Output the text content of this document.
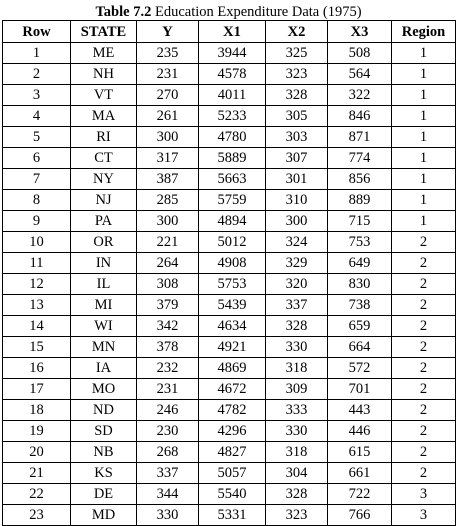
Table 7.2 Education Expenditure Data (1975)
Row	STATE	Y	X1	X2	X3	Region
1	ME	235	3944	325	508	1
2	NH	231	4578	323	564	1
3	VT	270	4011	328	322	1
4	MA	261	5233	305	846	1
5	RI	300	4780	303	871	1
6	CT	317	5889	307	774	1
7	NY	387	5663	301	856	1
8	NJ	285	5759	310	889	1
9	PA	300	4894	300	715	1
10	OR	221	5012	324	753	2
11	IN	264	4908	329	649	2
12	IL	308	5753	320	830	2
13	MI	379	5439	337	738	2
14	WI	342	4634	328	659	2
15	MN	378	4921	330	664	2
16	IA	232	4869	318	572	2
17	MO	231	4672	309	701	2
18	ND	246	4782	333	443	2
19	SD	230	4296	330	446	2
20	NB	268	4827	318	615	2
21	KS	337	5057	304	661	2
22	DE	344	5540	328	722	3
23	MD	330	5331	323	766	3
